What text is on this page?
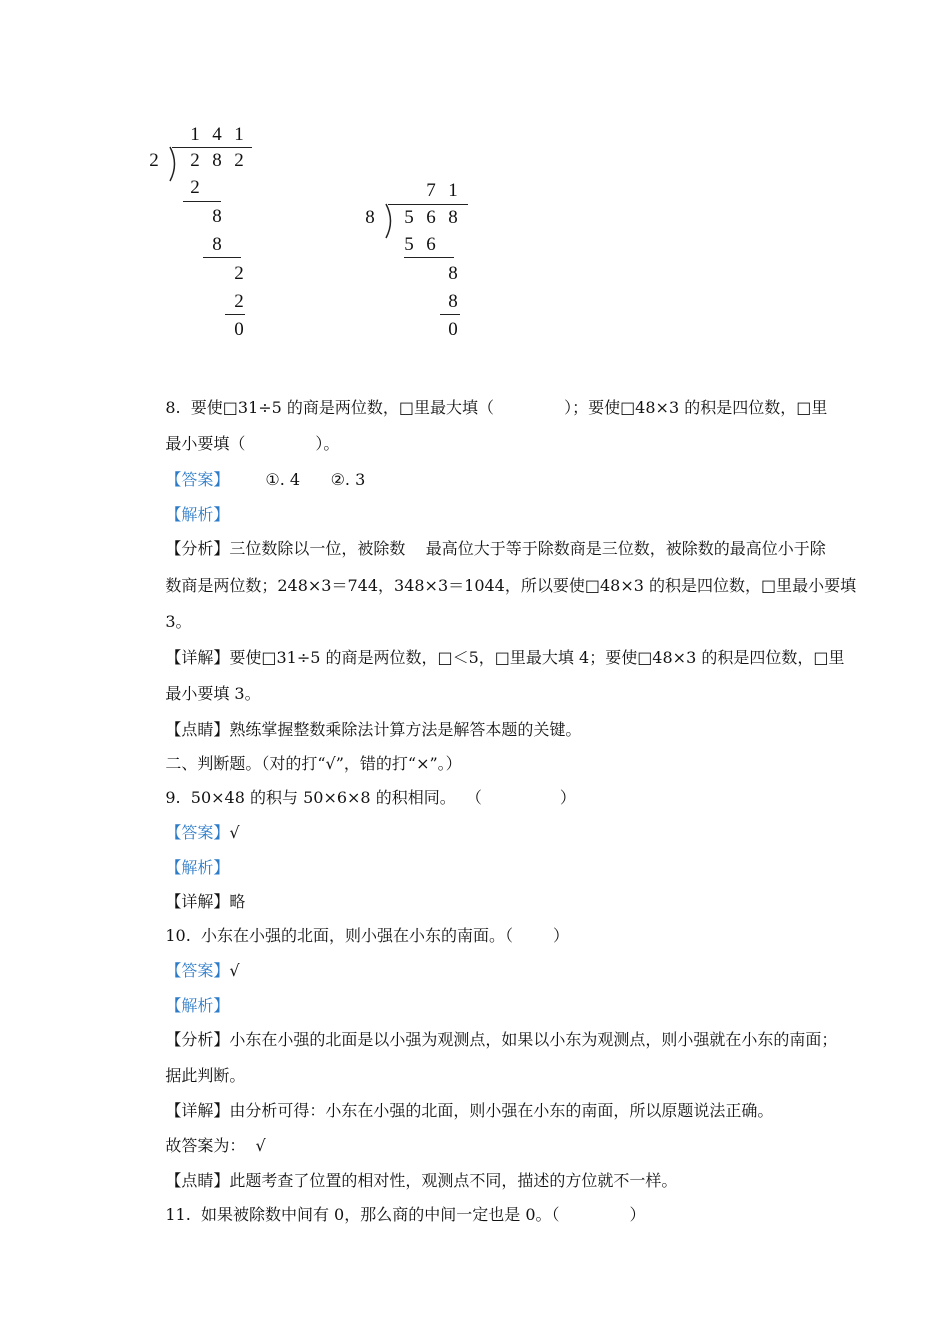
1 4 1
2 2 8 2
2
8
8
2
2
0
7 1
8 5 6 8
5 6
8
8
0

8.  要使□31÷5 的商是两位数，□里最大填（	）；要使□48×3 的积是四位数，□里

最小要填（	）。

【答案】 ①. 4      ②. 3

【解析】

【分析】三位数除以一位，被除数    最高位大于等于除数商是三位数，被除数的最高位小于除

数商是两位数；248×3＝744，348×3＝1044，所以要使□48×3 的积是四位数，□里最小要填

3。

【详解】要使□31÷5 的商是两位数，□＜5，□里最大填 4；要使□48×3 的积是四位数，□里

最小要填 3。

【点睛】熟练掌握整数乘除法计算方法是解答本题的关键。

二、判断题。（对的打“√”，错的打“×”。）

9.  50×48 的积与 50×6×8 的积相同。  （	）

【答案】√

【解析】

【详解】略

10.  小东在小强的北面，则小强在小东的南面。（	）

【答案】√

【解析】

【分析】小东在小强的北面是以小强为观测点，如果以小东为观测点，则小强就在小东的南面；

据此判断。

【详解】由分析可得：小东在小强的北面，则小强在小东的南面，所以原题说法正确。

故答案为：  √

【点睛】此题考查了位置的相对性，观测点不同，描述的方位就不一样。

11.  如果被除数中间有 0，那么商的中间一定也是 0。（	）
